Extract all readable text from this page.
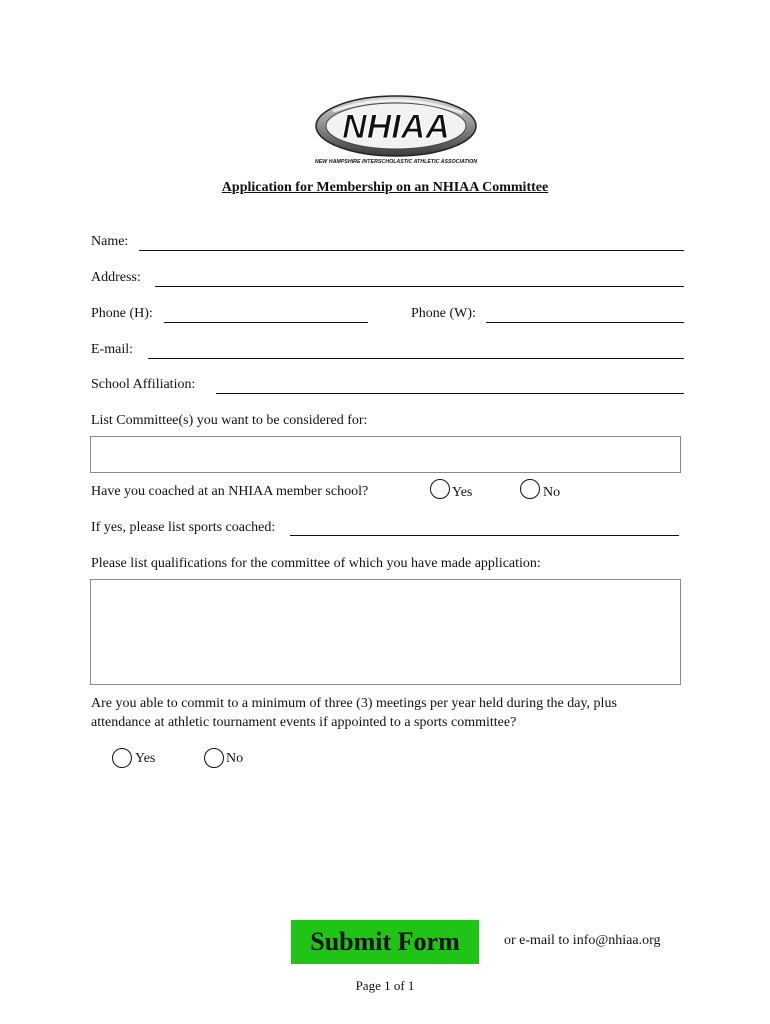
NHIAA
NEW HAMPSHIRE INTERSCHOLASTIC ATHLETIC ASSOCIATION
Application for Membership on an NHIAA Committee
Name:
Address:
Phone (H):	Phone (W):
E-mail:
School Affiliation:
List Committee(s) you want to be considered for:
Have you coached at an NHIAA member school?	Yes	No
If yes, please list sports coached:
Please list qualifications for the committee of which you have made application:
Are you able to commit to a minimum of three (3) meetings per year held during the day, plus
attendance at athletic tournament events if appointed to a sports committee?
Yes	No
Submit Form	or e-mail to info@nhiaa.org
Page 1 of 1
